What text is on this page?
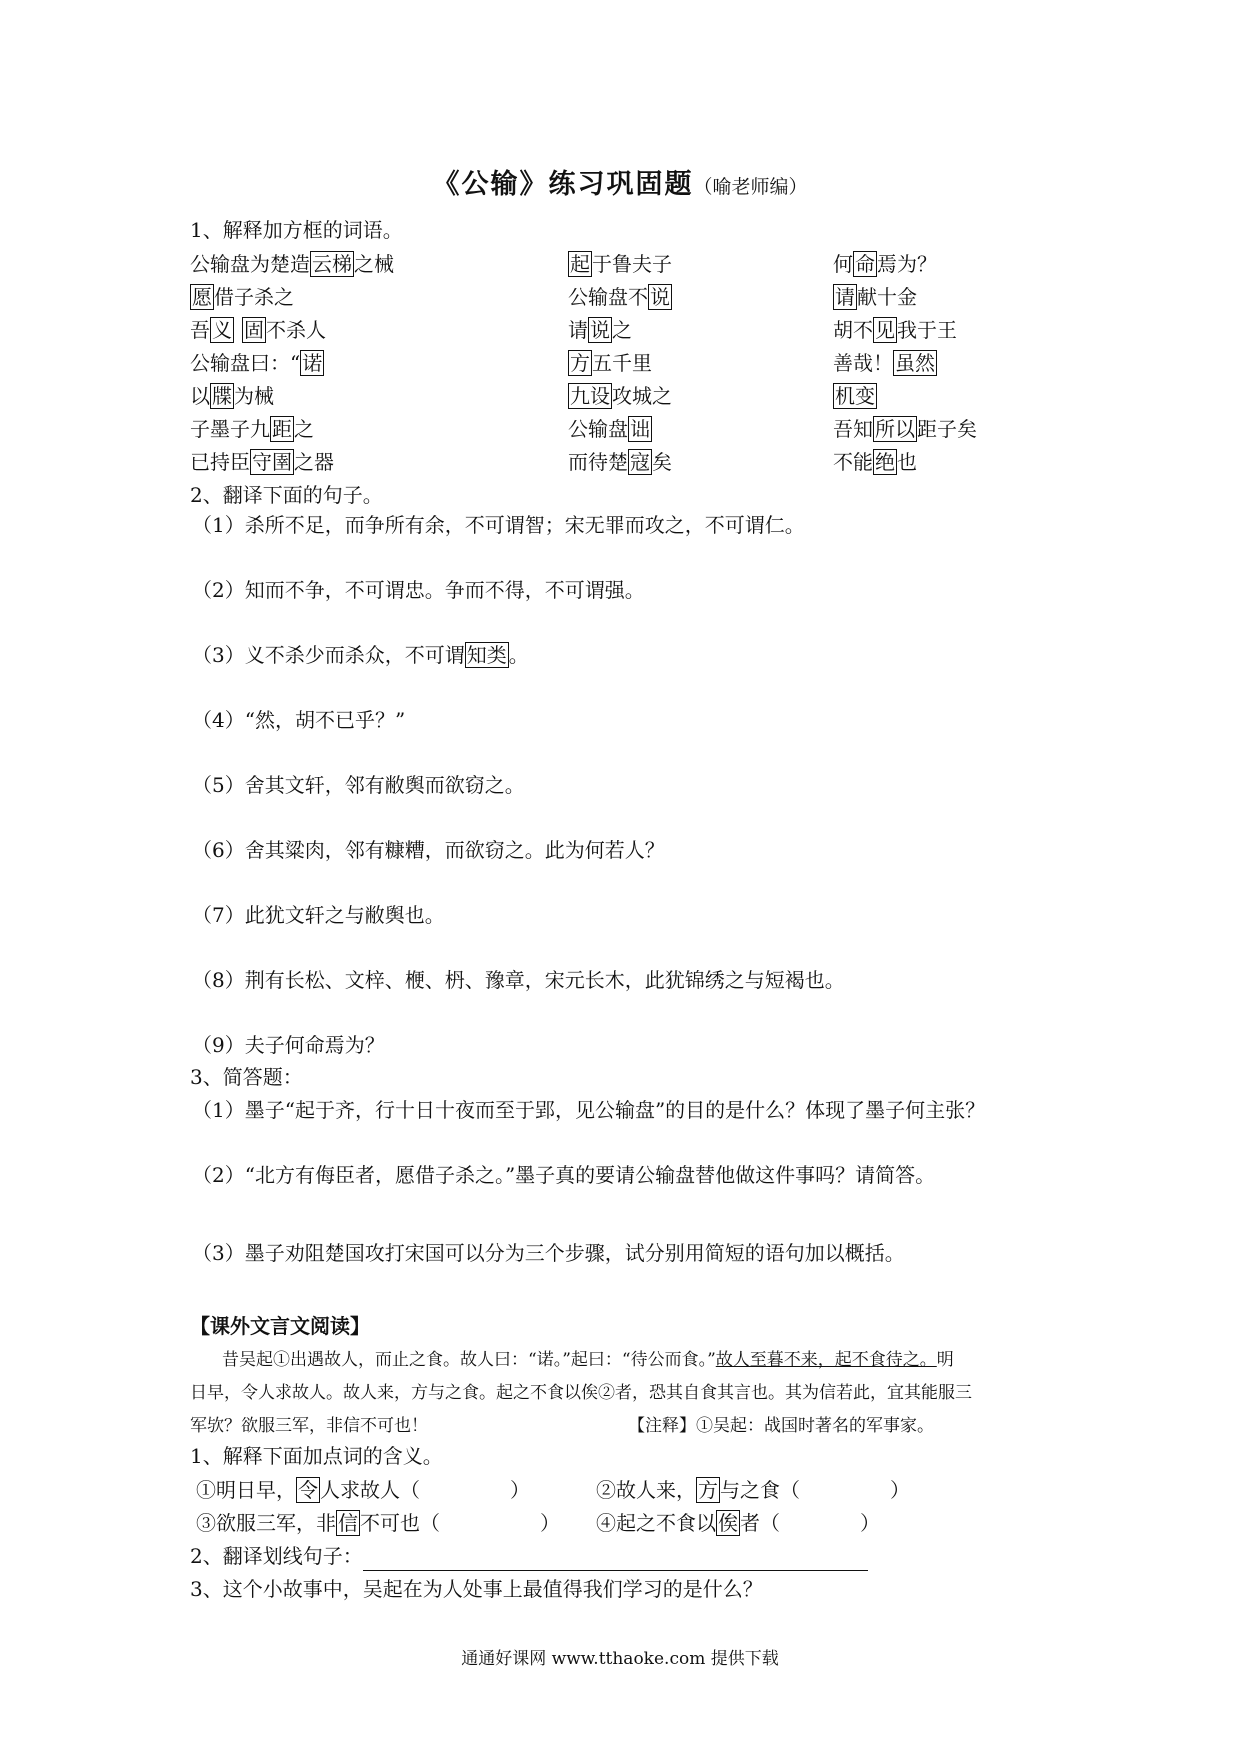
《公输》练习巩固题（喻老师编）
1、解释加方框的词语。
公输盘为楚造 云梯 之械	起 于鲁夫子	何 命 焉为？
愿 借子杀之	公输盘不 说	请 献十金
吾 义 固 不杀人	请 说 之	胡不 见 我于王
公输盘曰：“ 诺	方 五千里	善哉！ 虽然
以 牒 为械	九设 攻城之	机变
子墨子九 距 之	公输盘 诎	吾知 所以 距子矣
已持臣 守圉 之器	而待楚 寇 矣	不能 绝 也
2、翻译下面的句子。
（1）杀所不足，而争所有余，不可谓智；宋无罪而攻之，不可谓仁。
（2）知而不争，不可谓忠。争而不得，不可谓强。
（3）义不杀少而杀众，不可谓 知类 。
（4）“然，胡不已乎？”
（5）舍其文轩，邻有敝舆而欲窃之。
（6）舍其粱肉，邻有糠糟，而欲窃之。此为何若人？
（7）此犹文轩之与敝舆也。
（8）荆有长松、文梓、楩、枬、豫章，宋元长木，此犹锦绣之与短褐也。
（9）夫子何命焉为？
3、简答题：
（1）墨子“起于齐，行十日十夜而至于郢，见公输盘”的目的是什么？体现了墨子何主张？
（2）“北方有侮臣者，愿借子杀之。”墨子真的要请公输盘替他做这件事吗？请简答。
（3）墨子劝阻楚国攻打宋国可以分为三个步骤，试分别用简短的语句加以概括。
【课外文言文阅读】
昔吴起①出遇故人，而止之食。故人曰：“诺。”起曰：“待公而食。”故人至暮不来，起不食待之。明
日早，令人求故人。故人来，方与之食。起之不食以俟②者，恐其自食其言也。其为信若此，宜其能服三
军欤？欲服三军，非信不可也！	【注释】①吴起：战国时著名的军事家。
1、解释下面加点词的含义。
①明日早， 令 人求故人（	）	②故人来， 方 与之食（	）
③欲服三军，非 信 不可也（	） ④起之不食以 俟 者（	）
2、翻译划线句子：
3、这个小故事中，吴起在为人处事上最值得我们学习的是什么？
通通好课网 www.tthaoke.com 提供下载
